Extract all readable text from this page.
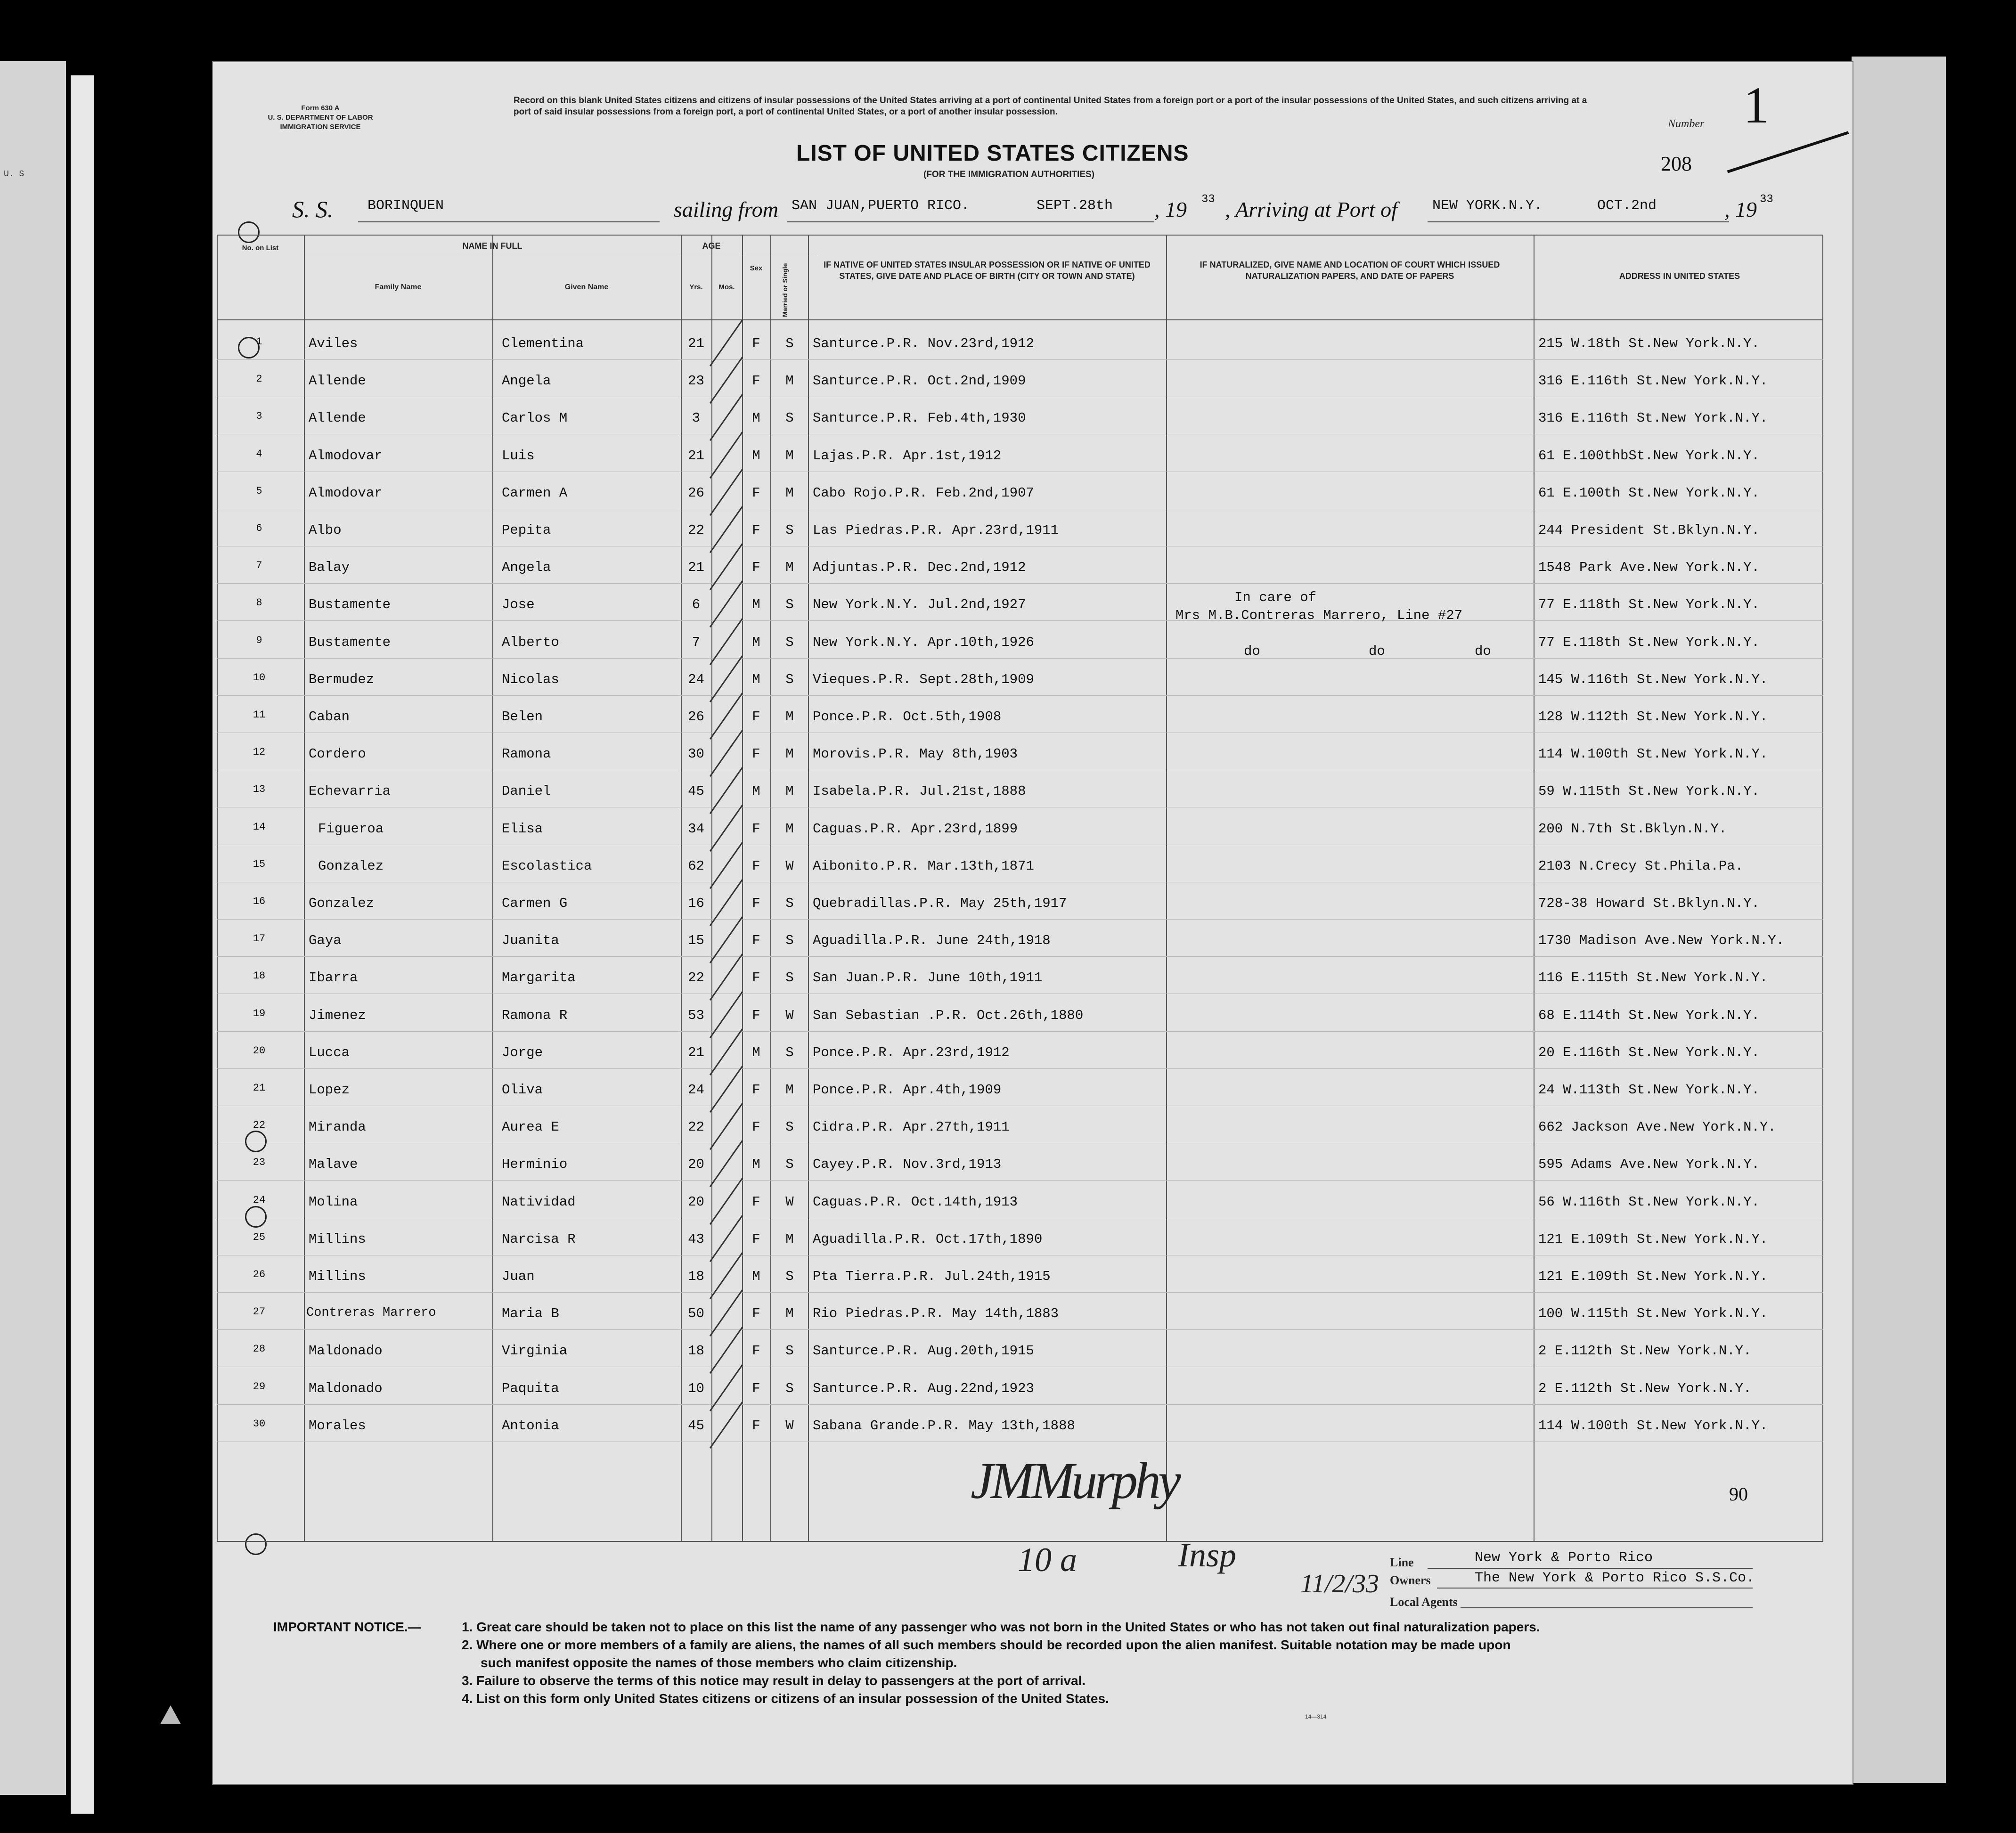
U. S
Form 630 A
U. S. DEPARTMENT OF LABOR
IMMIGRATION SERVICE
Record on this blank United States citizens and citizens of insular possessions of the United States arriving at a port of continental United States from a foreign port or a port of the insular possessions of the United States, and such citizens arriving at a port of said insular possessions from a foreign port, a port of continental United States, or a port of another insular possession.
LIST OF UNITED STATES CITIZENS
(FOR THE IMMIGRATION AUTHORITIES)
Number 1
208
S. S. BORINQUEN	sailing from SAN JUAN,PUERTO RICO.	SEPT.28th , 19 33 , Arriving at Port of NEW YORK.N.Y.	OCT.2nd	, 19 33
No. on List	NAME IN FULL
Family Name	Given Name
AGE
Yrs.	Mos.
Sex	Married or Single	IF NATIVE OF UNITED STATES INSULAR POSSESSION OR IF NATIVE OF UNITED STATES, GIVE DATE AND PLACE OF BIRTH (CITY OR TOWN AND STATE)
IF NATURALIZED, GIVE NAME AND LOCATION OF COURT WHICH ISSUED NATURALIZATION PAPERS, AND DATE OF PAPERS	ADDRESS IN UNITED STATES
1	Aviles	Clementina	21	F	S	Santurce.P.R. Nov.23rd,1912	215 W.18th St.New York.N.Y.
2	Allende	Angela	23	F	M	Santurce.P.R. Oct.2nd,1909	316 E.116th St.New York.N.Y.
3	Allende	Carlos M	3	M	S	Santurce.P.R. Feb.4th,1930	316 E.116th St.New York.N.Y.
4	Almodovar	Luis	21	M	M	Lajas.P.R. Apr.1st,1912	61 E.100thbSt.New York.N.Y.
5	Almodovar	Carmen A	26	F	M	Cabo Rojo.P.R. Feb.2nd,1907	61 E.100th St.New York.N.Y.
6	Albo	Pepita	22	F	S	Las Piedras.P.R. Apr.23rd,1911	244 President St.Bklyn.N.Y.
7	Balay	Angela	21	F	M	Adjuntas.P.R. Dec.2nd,1912	1548 Park Ave.New York.N.Y.
8	Bustamente	Jose	6	M	S	New York.N.Y. Jul.2nd,1927	77 E.118th St.New York.N.Y.
9	Bustamente	Alberto	7	M	S	New York.N.Y. Apr.10th,1926	77 E.118th St.New York.N.Y.
10	Bermudez	Nicolas	24	M	S	Vieques.P.R. Sept.28th,1909	145 W.116th St.New York.N.Y.
11	Caban	Belen	26	F	M	Ponce.P.R. Oct.5th,1908	128 W.112th St.New York.N.Y.
12	Cordero	Ramona	30	F	M	Morovis.P.R. May 8th,1903	114 W.100th St.New York.N.Y.
13	Echevarria	Daniel	45	M	M	Isabela.P.R. Jul.21st,1888	59 W.115th St.New York.N.Y.
14	Figueroa	Elisa	34	F	M	Caguas.P.R. Apr.23rd,1899	200 N.7th St.Bklyn.N.Y.
15	Gonzalez	Escolastica	62	F	W	Aibonito.P.R. Mar.13th,1871	2103 N.Crecy St.Phila.Pa.
16	Gonzalez	Carmen G	16	F	S	Quebradillas.P.R. May 25th,1917	728-38 Howard St.Bklyn.N.Y.
17	Gaya	Juanita	15	F	S	Aguadilla.P.R. June 24th,1918	1730 Madison Ave.New York.N.Y.
18	Ibarra	Margarita	22	F	S	San Juan.P.R. June 10th,1911	116 E.115th St.New York.N.Y.
19	Jimenez	Ramona R	53	F	W	San Sebastian .P.R. Oct.26th,1880	68 E.114th St.New York.N.Y.
20	Lucca	Jorge	21	M	S	Ponce.P.R. Apr.23rd,1912	20 E.116th St.New York.N.Y.
21	Lopez	Oliva	24	F	M	Ponce.P.R. Apr.4th,1909	24 W.113th St.New York.N.Y.
22	Miranda	Aurea E	22	F	S	Cidra.P.R. Apr.27th,1911	662 Jackson Ave.New York.N.Y.
23	Malave	Herminio	20	M	S	Cayey.P.R. Nov.3rd,1913	595 Adams Ave.New York.N.Y.
24	Molina	Natividad	20	F	W	Caguas.P.R. Oct.14th,1913	56 W.116th St.New York.N.Y.
25	Millins	Narcisa R	43	F	M	Aguadilla.P.R. Oct.17th,1890	121 E.109th St.New York.N.Y.
26	Millins	Juan	18	M	S	Pta Tierra.P.R. Jul.24th,1915	121 E.109th St.New York.N.Y.
27	Contreras Marrero	Maria B	50	F	M	Rio Piedras.P.R. May 14th,1883	100 W.115th St.New York.N.Y.
28	Maldonado	Virginia	18	F	S	Santurce.P.R. Aug.20th,1915	2 E.112th St.New York.N.Y.
29	Maldonado	Paquita	10	F	S	Santurce.P.R. Aug.22nd,1923	2 E.112th St.New York.N.Y.
30	Morales	Antonia	45	F	W	Sabana Grande.P.R. May 13th,1888	114 W.100th St.New York.N.Y.
In care of
Mrs M.B.Contreras Marrero, Line #27
do	do	do
90
JMMurphy
10 a	Insp
11/2/33
Line	New York & Porto Rico
Owners	The New York & Porto Rico S.S.Co.
Local Agents
IMPORTANT NOTICE.—	1. Great care should be taken not to place on this list the name of any passenger who was not born in the United States or who has not taken out final naturalization papers.
2. Where one or more members of a family are aliens, the names of all such members should be recorded upon the alien manifest. Suitable notation may be made upon
such manifest opposite the names of those members who claim citizenship.
3. Failure to observe the terms of this notice may result in delay to passengers at the port of arrival.
4. List on this form only United States citizens or citizens of an insular possession of the United States.
14—314
